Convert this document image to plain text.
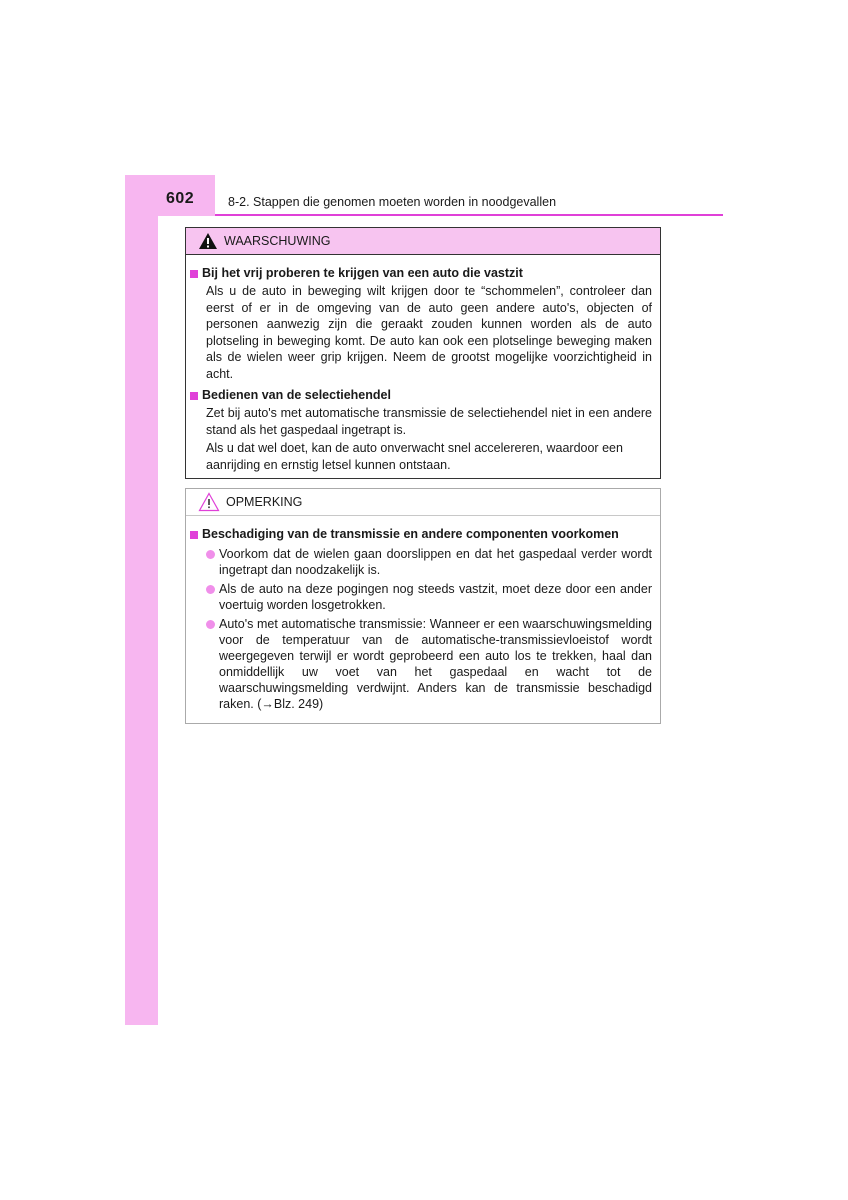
602	8-2. Stappen die genomen moeten worden in noodgevallen
WAARSCHUWING
Bij het vrij proberen te krijgen van een auto die vastzit
Als u de auto in beweging wilt krijgen door te “schommelen”, controleer dan eerst of er in de omgeving van de auto geen andere auto's, objecten of personen aanwezig zijn die geraakt zouden kunnen worden als de auto plotseling in beweging komt. De auto kan ook een plotselinge beweging maken als de wielen weer grip krijgen. Neem de grootst mogelijke voorzichtigheid in acht.
Bedienen van de selectiehendel
Zet bij auto's met automatische transmissie de selectiehendel niet in een andere stand als het gaspedaal ingetrapt is.
Als u dat wel doet, kan de auto onverwacht snel accelereren, waardoor een aanrijding en ernstig letsel kunnen ontstaan.
OPMERKING
Beschadiging van de transmissie en andere componenten voorkomen
Voorkom dat de wielen gaan doorslippen en dat het gaspedaal verder wordt ingetrapt dan noodzakelijk is.
Als de auto na deze pogingen nog steeds vastzit, moet deze door een ander voertuig worden losgetrokken.
Auto's met automatische transmissie: Wanneer er een waarschuwingsmelding voor de temperatuur van de automatische-transmissievloeistof wordt weergegeven terwijl er wordt geprobeerd een auto los te trekken, haal dan onmiddellijk uw voet van het gaspedaal en wacht tot de waarschuwingsmelding verdwijnt. Anders kan de transmissie beschadigd raken. (→Blz. 249)
